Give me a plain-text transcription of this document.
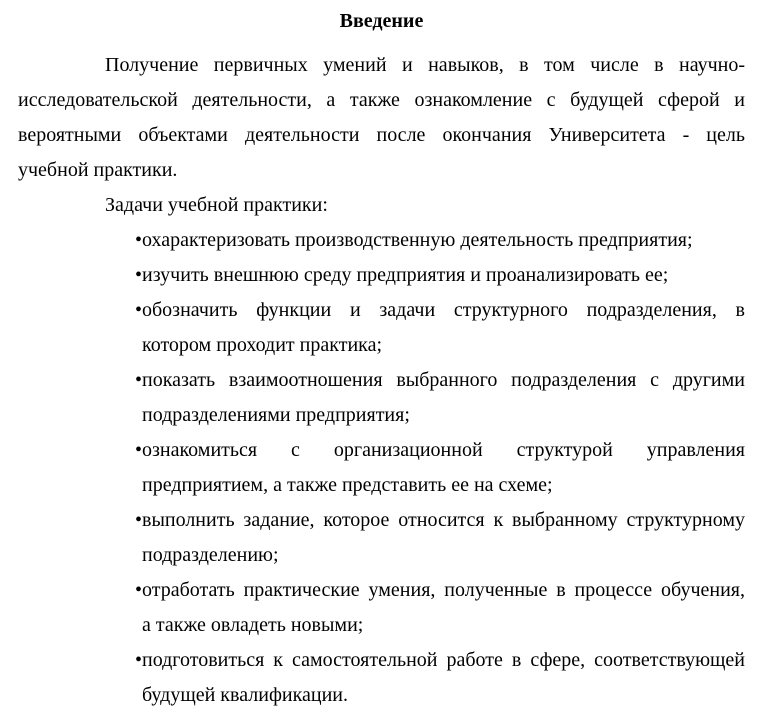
Введение
Получение первичных умений и навыков, в том числе в научно-
исследовательской деятельности, а также ознакомление с будущей сферой и
вероятными объектами деятельности после окончания Университета - цель
учебной практики.
Задачи учебной практики:
• охарактеризовать производственную деятельность предприятия;
• изучить внешнюю среду предприятия и проанализировать ее;
• обозначить функции и задачи структурного подразделения, в
котором проходит практика;
• показать взаимоотношения выбранного подразделения с другими
подразделениями предприятия;
• ознакомиться с организационной структурой управления
предприятием, а также представить ее на схеме;
• выполнить задание, которое относится к выбранному структурному
подразделению;
• отработать практические умения, полученные в процессе обучения,
а также овладеть новыми;
• подготовиться к самостоятельной работе в сфере, соответствующей
будущей квалификации.
